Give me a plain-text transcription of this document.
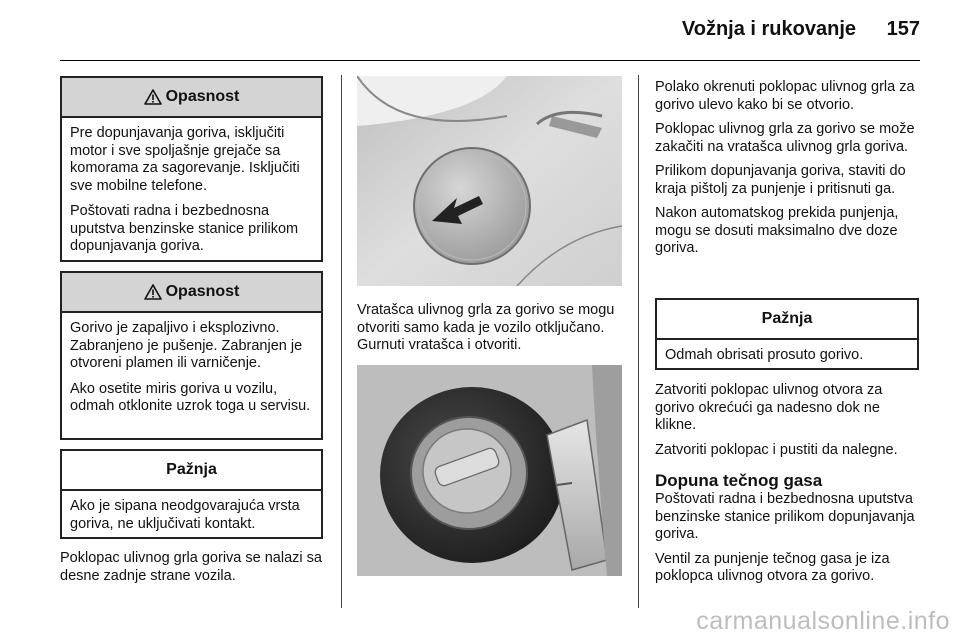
Vožnja i rukovanje 157
Opasnost

Pre dopunjavanja goriva, isključiti motor i sve spoljašnje grejače sa komorama za sagorevanje. Isključiti sve mobilne telefone.

Poštovati radna i bezbednosna uputstva benzinske stanice prilikom dopunjavanja goriva.

Opasnost

Gorivo je zapaljivo i eksplozivno. Zabranjeno je pušenje. Zabranjen je otvoreni plamen ili varničenje.

Ako osetite miris goriva u vozilu, odmah otklonite uzrok toga u servisu.

Pažnja

Ako je sipana neodgovarajuća vrsta goriva, ne uključivati kontakt.

Poklopac ulivnog grla goriva se nalazi sa desne zadnje strane vozila.

Vratašca ulivnog grla za gorivo se mogu otvoriti samo kada je vozilo otključano. Gurnuti vratašca i otvoriti.

Polako okrenuti poklopac ulivnog grla za gorivo ulevo kako bi se otvorio.

Poklopac ulivnog grla za gorivo se može zakačiti na vratašca ulivnog grla goriva.

Prilikom dopunjavanja goriva, staviti do kraja pištolj za punjenje i pritisnuti ga.

Nakon automatskog prekida punjenja, mogu se dosuti maksimalno dve doze goriva.

Pažnja

Odmah obrisati prosuto gorivo.

Zatvoriti poklopac ulivnog otvora za gorivo okrećući ga nadesno dok ne klikne.

Zatvoriti poklopac i pustiti da nalegne.

Dopuna tečnog gasa

Poštovati radna i bezbednosna uputstva benzinske stanice prilikom dopunjavanja goriva.

Ventil za punjenje tečnog gasa je iza poklopca ulivnog otvora za gorivo.

carmanualsonline.info
